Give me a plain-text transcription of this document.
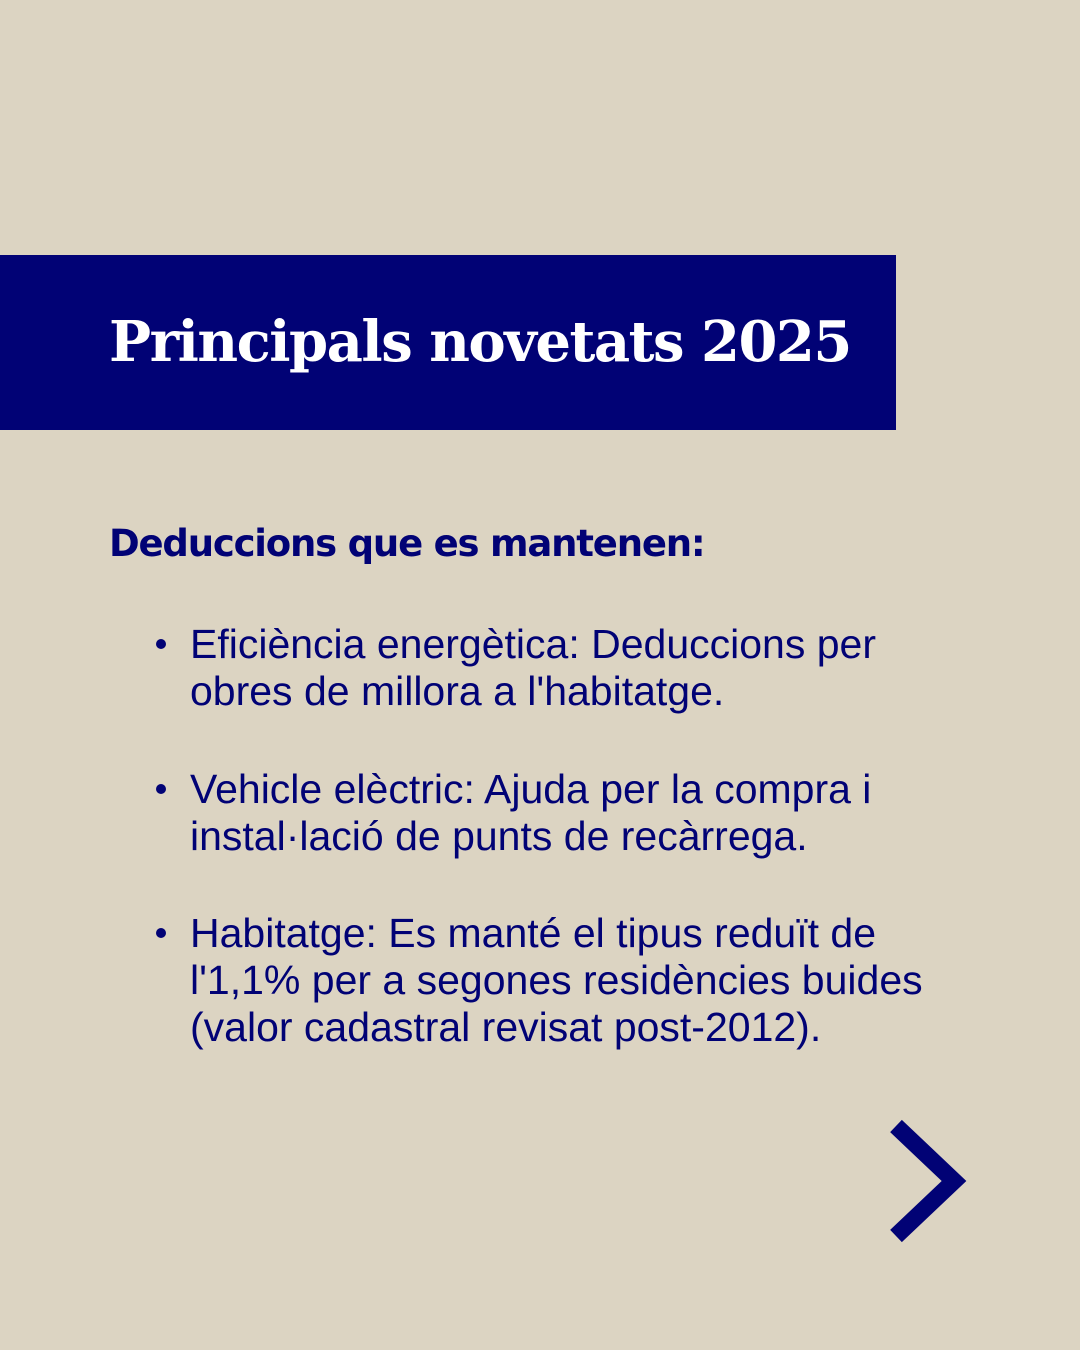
Principals novetats 2025
Deduccions que es mantenen:
Eficiència energètica: Deduccions per
obres de millora a l'habitatge.
Vehicle elèctric: Ajuda per la compra i
instal·lació de punts de recàrrega.
Habitatge: Es manté el tipus reduït de
l'1,1% per a segones residències buides
(valor cadastral revisat post-2012).
